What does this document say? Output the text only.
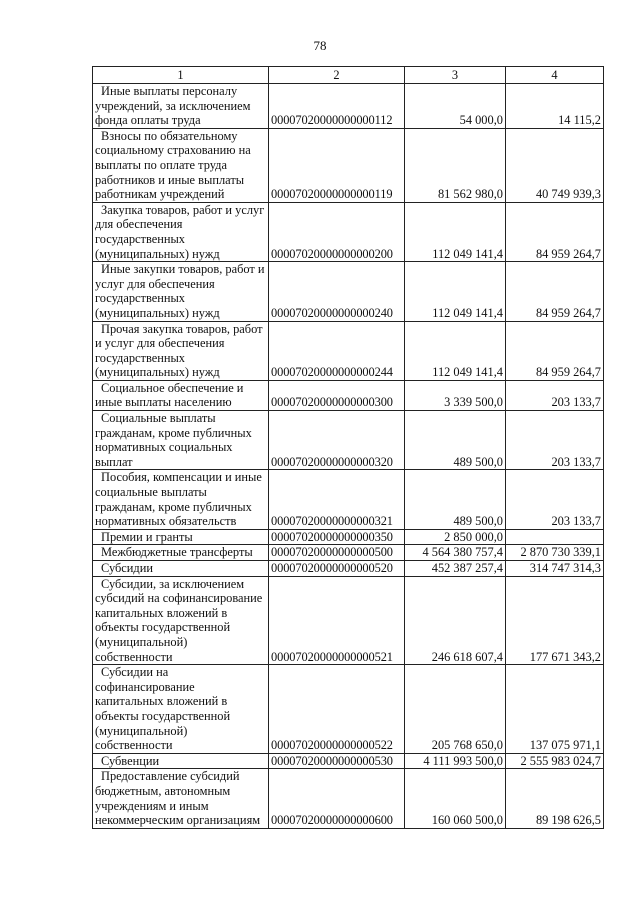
78
1	2	3	4

Иные выплаты персоналу учреждений, за исключением фонда оплаты труда	00007020000000000112	54 000,0	14 115,2

Взносы по обязательному социальному страхованию на выплаты по оплате труда работников и иные выплаты работникам учреждений	00007020000000000119	81 562 980,0	40 749 939,3

Закупка товаров, работ и услуг для обеспечения государственных (муниципальных) нужд	00007020000000000200	112 049 141,4	84 959 264,7

Иные закупки товаров, работ и услуг для обеспечения государственных (муниципальных) нужд	00007020000000000240	112 049 141,4	84 959 264,7

Прочая закупка товаров, работ и услуг для обеспечения государственных (муниципальных) нужд	00007020000000000244	112 049 141,4	84 959 264,7

Социальное обеспечение и иные выплаты населению	00007020000000000300	3 339 500,0	203 133,7

Социальные выплаты гражданам, кроме публичных нормативных социальных выплат	00007020000000000320	489 500,0	203 133,7

Пособия, компенсации и иные социальные выплаты гражданам, кроме публичных нормативных обязательств	00007020000000000321	489 500,0	203 133,7

Премии и гранты	00007020000000000350	2 850 000,0	

Межбюджетные трансферты	00007020000000000500	4 564 380 757,4	2 870 730 339,1

Субсидии	00007020000000000520	452 387 257,4	314 747 314,3

Субсидии, за исключением субсидий на софинансирование капитальных вложений в объекты государственной (муниципальной) собственности	00007020000000000521	246 618 607,4	177 671 343,2

Субсидии на софинансирование капитальных вложений в объекты государственной (муниципальной) собственности	00007020000000000522	205 768 650,0	137 075 971,1

Субвенции	00007020000000000530	4 111 993 500,0	2 555 983 024,7

Предоставление субсидий бюджетным, автономным учреждениям и иным некоммерческим организациям	00007020000000000600	160 060 500,0	89 198 626,5
